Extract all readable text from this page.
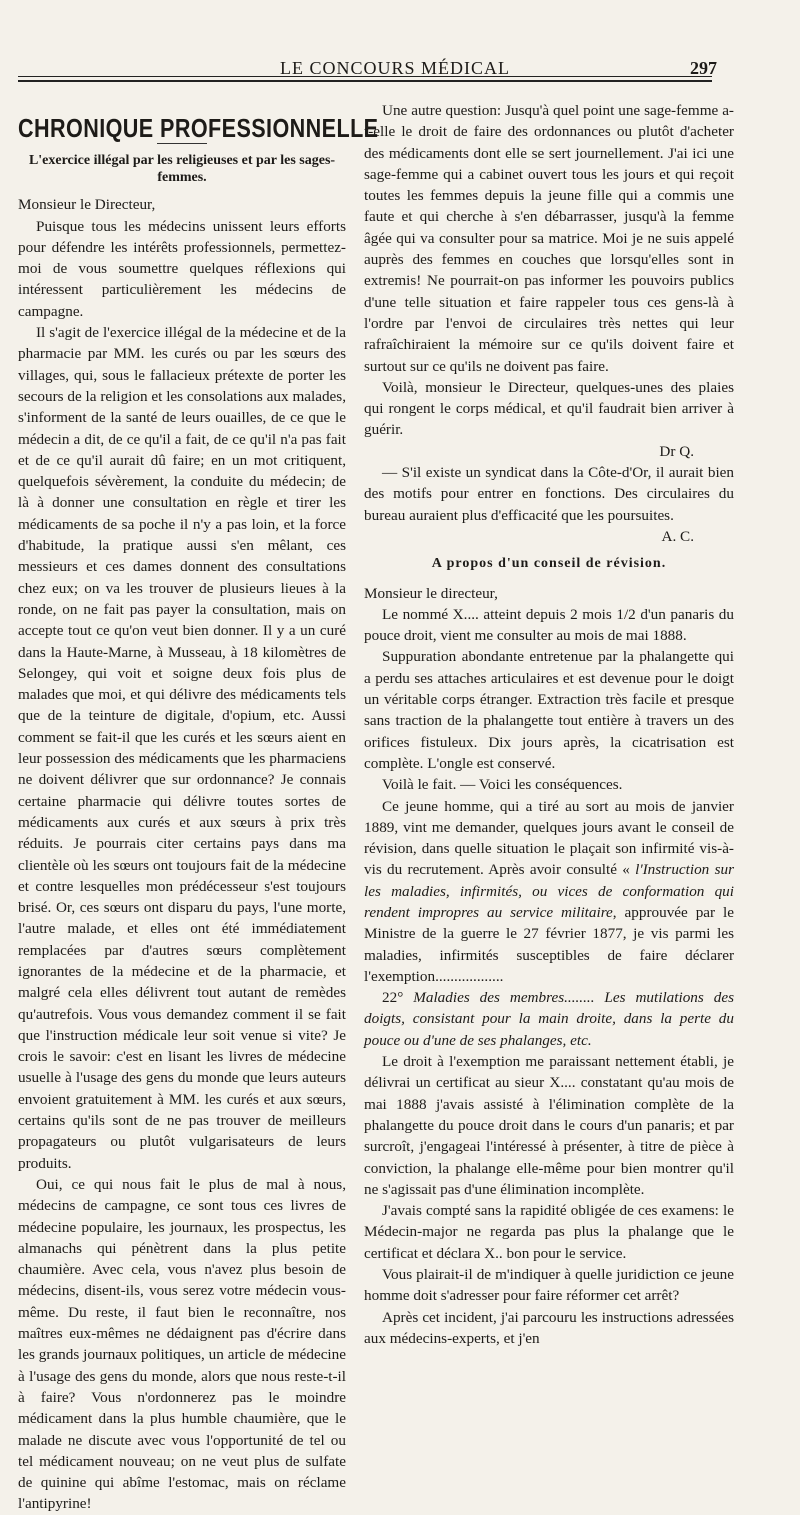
LE CONCOURS MÉDICAL	297
CHRONIQUE PROFESSIONNELLE
L'exercice illégal par les religieuses et par les sages-femmes.

Monsieur le Directeur,

Puisque tous les médecins unissent leurs efforts pour défendre les intérêts professionnels, permettez-moi de vous soumettre quelques réflexions qui intéressent particulièrement les médecins de campagne.

Il s'agit de l'exercice illégal de la médecine et de la pharmacie par MM. les curés ou par les sœurs des villages, qui, sous le fallacieux prétexte de porter les secours de la religion et les consolations aux malades, s'informent de la santé de leurs ouailles, de ce que le médecin a dit, de ce qu'il a fait, de ce qu'il n'a pas fait et de ce qu'il aurait dû faire; en un mot critiquent, quelquefois sévèrement, la conduite du médecin; de là à donner une consultation en règle et tirer les médicaments de sa poche il n'y a pas loin, et la force d'habitude, la pratique aussi s'en mêlant, ces messieurs et ces dames donnent des consultations chez eux; on va les trouver de plusieurs lieues à la ronde, on ne fait pas payer la consultation, mais on accepte tout ce qu'on veut bien donner. Il y a un curé dans la Haute-Marne, à Musseau, à 18 kilomètres de Selongey, qui voit et soigne deux fois plus de malades que moi, et qui délivre des médicaments tels que de la teinture de digitale, d'opium, etc. Aussi comment se fait-il que les curés et les sœurs aient en leur possession des médicaments que les pharmaciens ne doivent délivrer que sur ordonnance? Je connais certaine pharmacie qui délivre toutes sortes de médicaments aux curés et aux sœurs à prix très réduits. Je pourrais citer certains pays dans ma clientèle où les sœurs ont toujours fait de la médecine et contre lesquelles mon prédécesseur s'est toujours brisé. Or, ces sœurs ont disparu du pays, l'une morte, l'autre malade, et elles ont été immédiatement remplacées par d'autres sœurs complètement ignorantes de la médecine et de la pharmacie, et malgré cela elles délivrent tout autant de remèdes qu'autrefois. Vous vous demandez comment il se fait que l'instruction médicale leur soit venue si vite? Je crois le savoir: c'est en lisant les livres de médecine usuelle à l'usage des gens du monde que leurs auteurs envoient gratuitement à MM. les curés et aux sœurs, certains qu'ils sont de ne pas trouver de meilleurs propagateurs ou plutôt vulgarisateurs de leurs produits.

Oui, ce qui nous fait le plus de mal à nous, médecins de campagne, ce sont tous ces livres de médecine populaire, les journaux, les prospectus, les almanachs qui pénètrent dans la plus petite chaumière. Avec cela, vous n'avez plus besoin de médecins, disent-ils, vous serez votre médecin vous-même. Du reste, il faut bien le reconnaître, nos maîtres eux-mêmes ne dédaignent pas d'écrire dans les grands journaux politiques, un article de médecine à l'usage des gens du monde, alors que nous reste-t-il à faire? Vous n'ordonnerez pas le moindre médicament dans la plus humble chaumière, que le malade ne discute avec vous l'opportunité de tel ou tel médicament nouveau; on ne veut plus de sulfate de quinine qui abîme l'estomac, mais on réclame l'antipyrine!

Une autre question: Jusqu'à quel point une sage-femme a-t-elle le droit de faire des ordonnances ou plutôt d'acheter des médicaments dont elle se sert journellement. J'ai ici une sage-femme qui a cabinet ouvert tous les jours et qui reçoit toutes les femmes depuis la jeune fille qui a commis une faute et qui cherche à s'en débarrasser, jusqu'à la femme âgée qui va consulter pour sa matrice. Moi je ne suis appelé auprès des femmes en couches que lorsqu'elles sont in extremis! Ne pourrait-on pas informer les pouvoirs publics d'une telle situation et faire rappeler tous ces gens-là à l'ordre par l'envoi de circulaires très nettes qui leur rafraîchiraient la mémoire sur ce qu'ils doivent faire et surtout sur ce qu'ils ne doivent pas faire.

Voilà, monsieur le Directeur, quelques-unes des plaies qui rongent le corps médical, et qu'il faudrait bien arriver à guérir.

Dr Q.

— S'il existe un syndicat dans la Côte-d'Or, il aurait bien des motifs pour entrer en fonctions. Des circulaires du bureau auraient plus d'efficacité que les poursuites.

A. C.

A propos d'un conseil de révision.

Monsieur le directeur,

Le nommé X.... atteint depuis 2 mois 1/2 d'un panaris du pouce droit, vient me consulter au mois de mai 1888.

Suppuration abondante entretenue par la phalangette qui a perdu ses attaches articulaires et est devenue pour le doigt un véritable corps étranger. Extraction très facile et presque sans traction de la phalangette tout entière à travers un des orifices fistuleux. Dix jours après, la cicatrisation est complète. L'ongle est conservé.

Voilà le fait. — Voici les conséquences.

Ce jeune homme, qui a tiré au sort au mois de janvier 1889, vint me demander, quelques jours avant le conseil de révision, dans quelle situation le plaçait son infirmité vis-à-vis du recrutement. Après avoir consulté « l'Instruction sur les maladies, infirmités, ou vices de conformation qui rendent impropres au service militaire, approuvée par le Ministre de la guerre le 27 février 1877, je vis parmi les maladies, infirmités susceptibles de faire déclarer l'exemption..................

22° Maladies des membres........ Les mutilations des doigts, consistant pour la main droite, dans la perte du pouce ou d'une de ses phalanges, etc.

Le droit à l'exemption me paraissant nettement établi, je délivrai un certificat au sieur X.... constatant qu'au mois de mai 1888 j'avais assisté à l'élimination complète de la phalangette du pouce droit dans le cours d'un panaris; et par surcroît, j'engageai l'intéressé à présenter, à titre de pièce à conviction, la phalange elle-même pour bien montrer qu'il ne s'agissait pas d'une élimination incomplète.

J'avais compté sans la rapidité obligée de ces examens: le Médecin-major ne regarda pas plus la phalange que le certificat et déclara X.. bon pour le service.

Vous plairait-il de m'indiquer à quelle juridiction ce jeune homme doit s'adresser pour faire réformer cet arrêt?

Après cet incident, j'ai parcouru les instructions adressées aux médecins-experts, et j'en
